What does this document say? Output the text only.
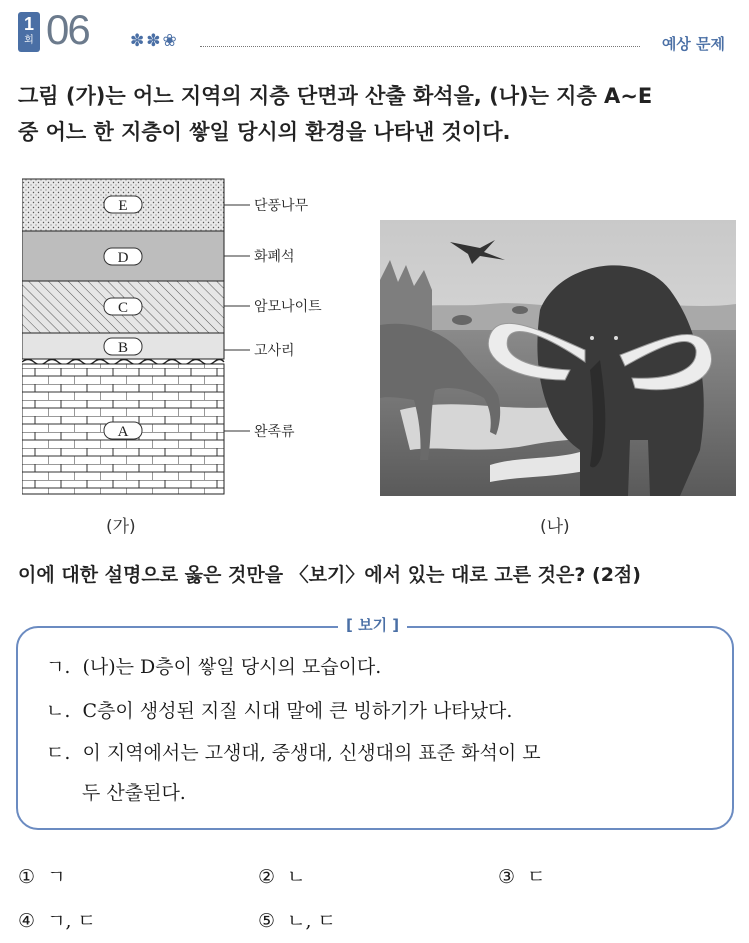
1
회 06 ✽✽❀	예상 문제
그림 (가)는 어느 지역의 지층 단면과 산출 화석을, (나)는 지층 A∼E
중 어느 한 지층이 쌓일 당시의 환경을 나타낸 것이다.
E
D
C
B
A
단풍나무
화폐석
암모나이트
고사리
완족류
(가)	(나)
이에 대한 설명으로 옳은 것만을 〈보기〉에서 있는 대로 고른 것은? (2점)
[ 보기 ]
ㄱ. (나)는 D층이 쌓일 당시의 모습이다.
ㄴ. C층이 생성된 지질 시대 말에 큰 빙하기가 나타났다.
ㄷ. 이 지역에서는 고생대, 중생대, 신생대의 표준 화석이 모
두 산출된다.
① ㄱ	② ㄴ	③ ㄷ
④ ㄱ, ㄷ	⑤ ㄴ, ㄷ
